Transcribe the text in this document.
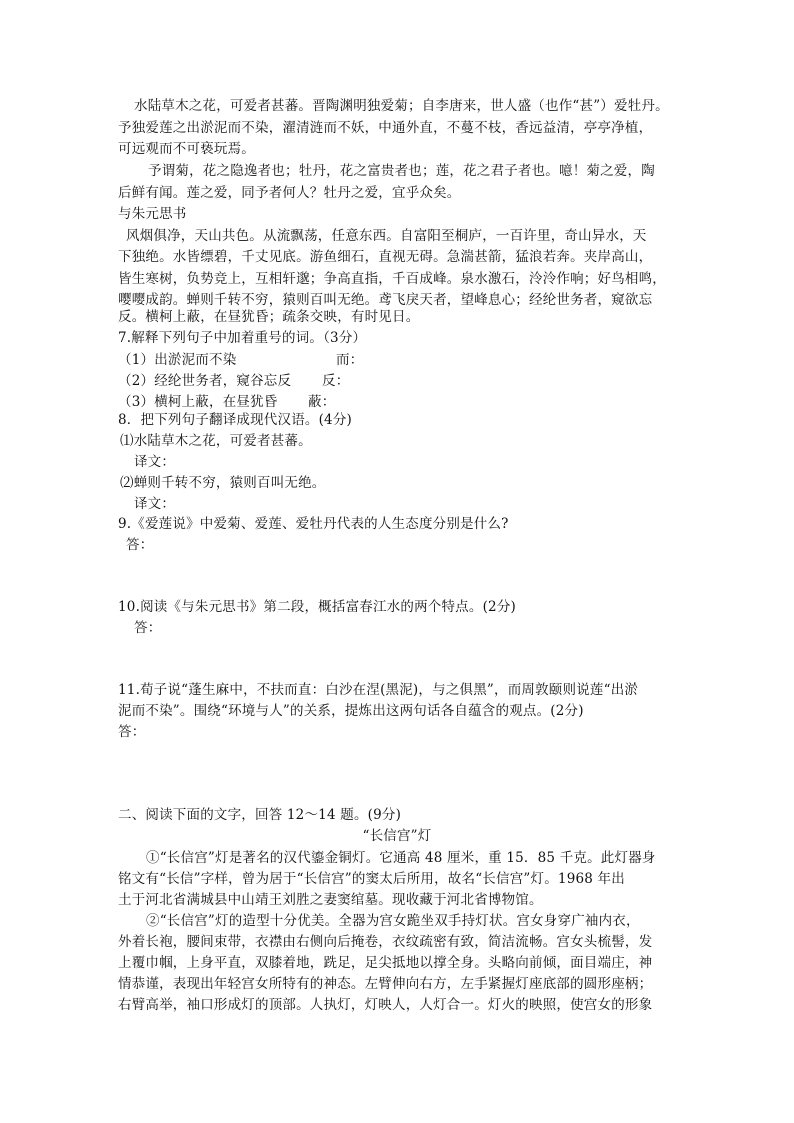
水陆草木之花，可爱者甚蕃。晋陶渊明独爱菊；自李唐来，世人盛（也作“甚”）爱牡丹。
予独爱莲之出淤泥而不染，濯清涟而不妖，中通外直，不蔓不枝，香远益清，亭亭净植，
可远观而不可亵玩焉。
予谓菊，花之隐逸者也；牡丹，花之富贵者也；莲，花之君子者也。噫！菊之爱，陶
后鲜有闻。莲之爱，同予者何人？牡丹之爱，宜乎众矣。
与朱元思书
风烟俱净，天山共色。从流飘荡，任意东西。自富阳至桐庐，一百许里，奇山异水，天
下独绝。水皆缥碧，千丈见底。游鱼细石，直视无碍。急湍甚箭，猛浪若奔。夹岸高山，
皆生寒树，负势竞上，互相轩邈；争高直指，千百成峰。泉水激石，泠泠作响；好鸟相鸣，
嘤嘤成韵。蝉则千转不穷，猿则百叫无绝。鸢飞戾天者，望峰息心；经纶世务者，窥欲忘
反。横柯上蔽，在昼犹昏；疏条交映，有时见日。
7.解释下列句子中加着重号的词。（3分）
（1）出淤泥而不染	而：
（2）经纶世务者，窥谷忘反 反：
（3）横柯上蔽，在昼犹昏 蔽：
8．把下列句子翻译成现代汉语。(4分)
⑴水陆草木之花，可爱者甚蕃。
译文：
⑵蝉则千转不穷，猿则百叫无绝。
译文：
9.《爱莲说》中爱菊、爱莲、爱牡丹代表的人生态度分别是什么?
答：
10.阅读《与朱元思书》第二段，概括富春江水的两个特点。(2分)
答：
11.荀子说“蓬生麻中，不扶而直：白沙在涅(黑泥)，与之俱黑”，而周敦颐则说莲“出淤
泥而不染”。围绕“环境与人”的关系，提炼出这两句话各自蕴含的观点。(2分)
答：
二、阅读下面的文字，回答 12～14 题。(9分)
“长信宫”灯
①“长信宫”灯是著名的汉代鎏金铜灯。它通高 48 厘米，重 15．85 千克。此灯器身
铭文有“长信”字样，曾为居于“长信宫”的窦太后所用，故名“长信宫”灯。1968 年出
土于河北省满城县中山靖王刘胜之妻窦绾墓。现收藏于河北省博物馆。
②“长信宫”灯的造型十分优美。全器为宫女跪坐双手持灯状。宫女身穿广袖内衣，
外着长袍，腰间束带，衣襟由右侧向后掩卷，衣纹疏密有致，简洁流畅。宫女头梳髻，发
上覆巾帼，上身平直，双膝着地，跣足，足尖抵地以撑全身。头略向前倾，面目端庄，神
情恭谨，表现出年轻宫女所特有的神态。左臂伸向右方，左手紧握灯座底部的圆形座柄；
右臂高举，袖口形成灯的顶部。人执灯，灯映人，人灯合一。灯火的映照，使宫女的形象
